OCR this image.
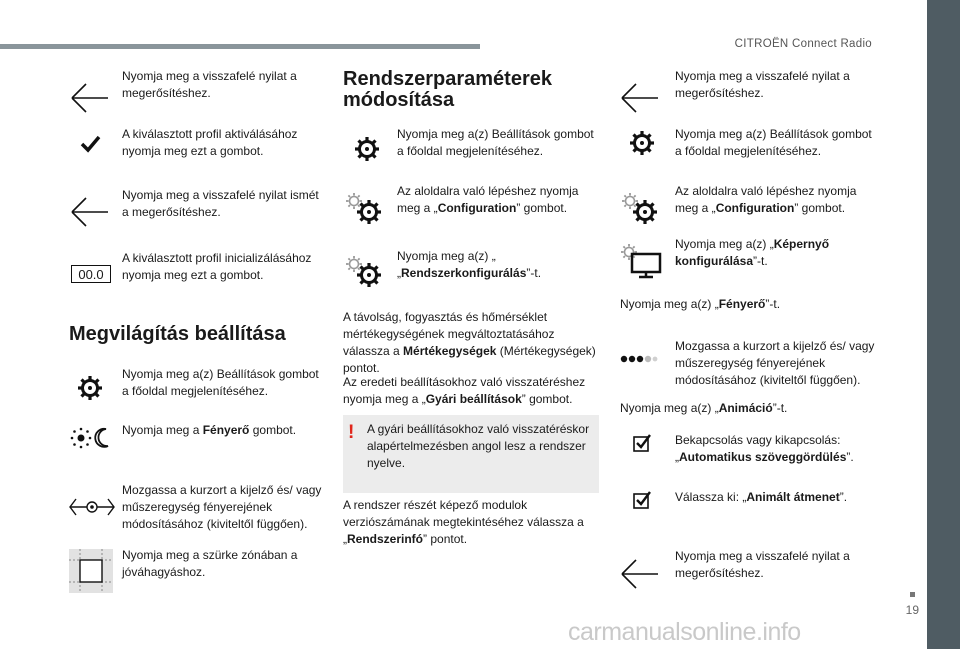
CITROËN Connect Radio
19

Nyomja meg a visszafelé nyilat a megerősítéshez.

A kiválasztott profil aktiválásához nyomja meg ezt a gombot.

Nyomja meg a visszafelé nyilat ismét a megerősítéshez.

00.0

A kiválasztott profil inicializálásához nyomja meg ezt a gombot.

Megvilágítás beállítása

Nyomja meg a(z) Beállítások gombot a főoldal megjelenítéséhez.

Nyomja meg a Fényerő gombot.

Mozgassa a kurzort a kijelző és/ vagy műszeregység fényerejének módosításához (kiviteltől függően).

Nyomja meg a szürke zónában a jóváhagyáshoz.

Rendszerparaméterek
módosítása

Nyomja meg a(z) Beállítások gombot a főoldal megjelenítéséhez.

Az aloldalra való lépéshez nyomja meg a „Configuration” gombot.

Nyomja meg a(z) „
„Rendszerkonfigurálás”-t.

A távolság, fogyasztás és hőmérséklet mértékegységének megváltoztatásához válassza a Mértékegységek (Mértékegységek) pontot.

Az eredeti beállításokhoz való visszatéréshez nyomja meg a „Gyári beállítások” gombot.

! A gyári beállításokhoz való visszatéréskor alapértelmezésben angol lesz a rendszer nyelve.

A rendszer részét képező modulok verziószámának megtekintéséhez válassza a „Rendszerinfó” pontot.

Nyomja meg a visszafelé nyilat a megerősítéshez.

Nyomja meg a(z) Beállítások gombot a főoldal megjelenítéséhez.

Az aloldalra való lépéshez nyomja meg a „Configuration” gombot.

Nyomja meg a(z) „Képernyő konfigurálása”-t.

Nyomja meg a(z) „Fényerő”-t.

Mozgassa a kurzort a kijelző és/ vagy műszeregység fényerejének módosításához (kiviteltől függően).

Nyomja meg a(z) „Animáció”-t.

Bekapcsolás vagy kikapcsolás: „Automatikus szöveggördülés”.

Válassza ki: „Animált átmenet”.

Nyomja meg a visszafelé nyilat a megerősítéshez.

carmanualsonline.info
